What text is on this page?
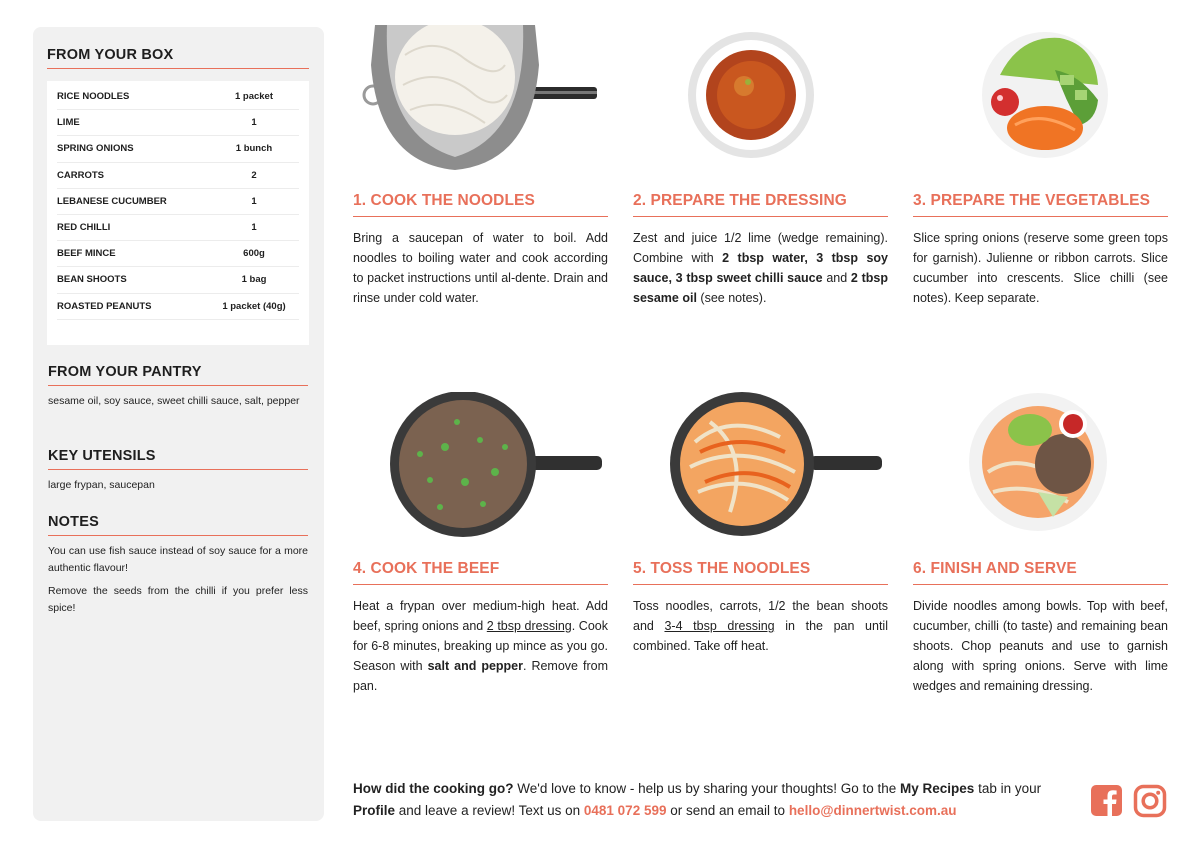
FROM YOUR BOX
RICE NOODLES	1 packet
LIME	1
SPRING ONIONS	1 bunch
CARROTS	2
LEBANESE CUCUMBER	1
RED CHILLI	1
BEEF MINCE	600g
BEAN SHOOTS	1 bag
ROASTED PEANUTS	1 packet (40g)
FROM YOUR PANTRY
sesame oil, soy sauce, sweet chilli sauce, salt, pepper
KEY UTENSILS
large frypan, saucepan
NOTES
You can use fish sauce instead of soy sauce for a more authentic flavour!
Remove the seeds from the chilli if you prefer less spice!
1. COOK THE NOODLES
Bring a saucepan of water to boil. Add noodles to boiling water and cook according to packet instructions until al-dente. Drain and rinse under cold water.
2. PREPARE THE DRESSING
Zest and juice 1/2 lime (wedge remaining). Combine with 2 tbsp water, 3 tbsp soy sauce, 3 tbsp sweet chilli sauce and 2 tbsp sesame oil (see notes).
3. PREPARE THE VEGETABLES
Slice spring onions (reserve some green tops for garnish). Julienne or ribbon carrots. Slice cucumber into crescents. Slice chilli (see notes). Keep separate.
4. COOK THE BEEF
Heat a frypan over medium-high heat. Add beef, spring onions and 2 tbsp dressing. Cook for 6-8 minutes, breaking up mince as you go. Season with salt and pepper. Remove from pan.
5. TOSS THE NOODLES
Toss noodles, carrots, 1/2 the bean shoots and 3-4 tbsp dressing in the pan until combined. Take off heat.
6. FINISH AND SERVE
Divide noodles among bowls. Top with beef, cucumber, chilli (to taste) and remaining bean shoots. Chop peanuts and use to garnish along with spring onions. Serve with lime wedges and remaining dressing.
How did the cooking go? We'd love to know - help us by sharing your thoughts! Go to the My Recipes tab in your Profile and leave a review! Text us on 0481 072 599 or send an email to hello@dinnertwist.com.au
